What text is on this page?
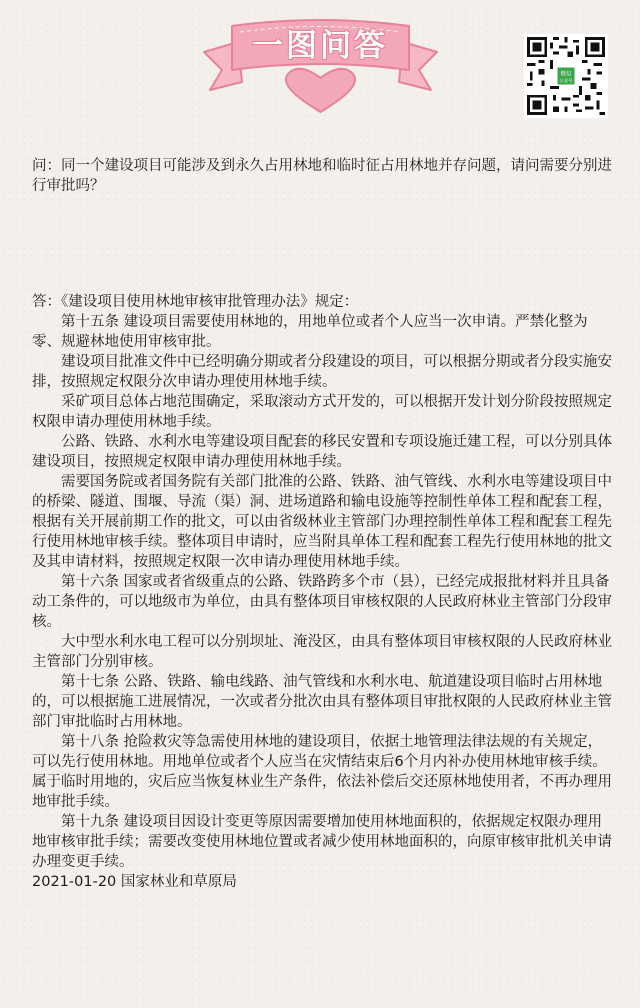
一图问答
微信
公众号

问：同一个建设项目可能涉及到永久占用林地和临时征占用林地并存问题，请问需要分别进行审批吗？

答：《建设项目使用林地审核审批管理办法》规定：

第十五条 建设项目需要使用林地的，用地单位或者个人应当一次申请。严禁化整为零、规避林地使用审核审批。

建设项目批准文件中已经明确分期或者分段建设的项目，可以根据分期或者分段实施安排，按照规定权限分次申请办理使用林地手续。

采矿项目总体占地范围确定，采取滚动方式开发的，可以根据开发计划分阶段按照规定权限申请办理使用林地手续。

公路、铁路、水利水电等建设项目配套的移民安置和专项设施迁建工程，可以分别具体建设项目，按照规定权限申请办理使用林地手续。

需要国务院或者国务院有关部门批准的公路、铁路、油气管线、水利水电等建设项目中的桥梁、隧道、围堰、导流（渠）洞、进场道路和输电设施等控制性单体工程和配套工程，根据有关开展前期工作的批文，可以由省级林业主管部门办理控制性单体工程和配套工程先行使用林地审核手续。整体项目申请时，应当附具单体工程和配套工程先行使用林地的批文及其申请材料，按照规定权限一次申请办理使用林地手续。

第十六条 国家或者省级重点的公路、铁路跨多个市（县），已经完成报批材料并且具备动工条件的，可以地级市为单位，由具有整体项目审核权限的人民政府林业主管部门分段审核。

大中型水利水电工程可以分别坝址、淹没区，由具有整体项目审核权限的人民政府林业主管部门分别审核。

第十七条 公路、铁路、输电线路、油气管线和水利水电、航道建设项目临时占用林地的，可以根据施工进展情况，一次或者分批次由具有整体项目审批权限的人民政府林业主管部门审批临时占用林地。

第十八条 抢险救灾等急需使用林地的建设项目，依据土地管理法律法规的有关规定，可以先行使用林地。用地单位或者个人应当在灾情结束后6个月内补办使用林地审核手续。属于临时用地的，灾后应当恢复林业生产条件，依法补偿后交还原林地使用者，不再办理用地审批手续。

第十九条 建设项目因设计变更等原因需要增加使用林地面积的，依据规定权限办理用地审核审批手续；需要改变使用林地位置或者减少使用林地面积的，向原审核审批机关申请办理变更手续。

2021-01-20 国家林业和草原局
